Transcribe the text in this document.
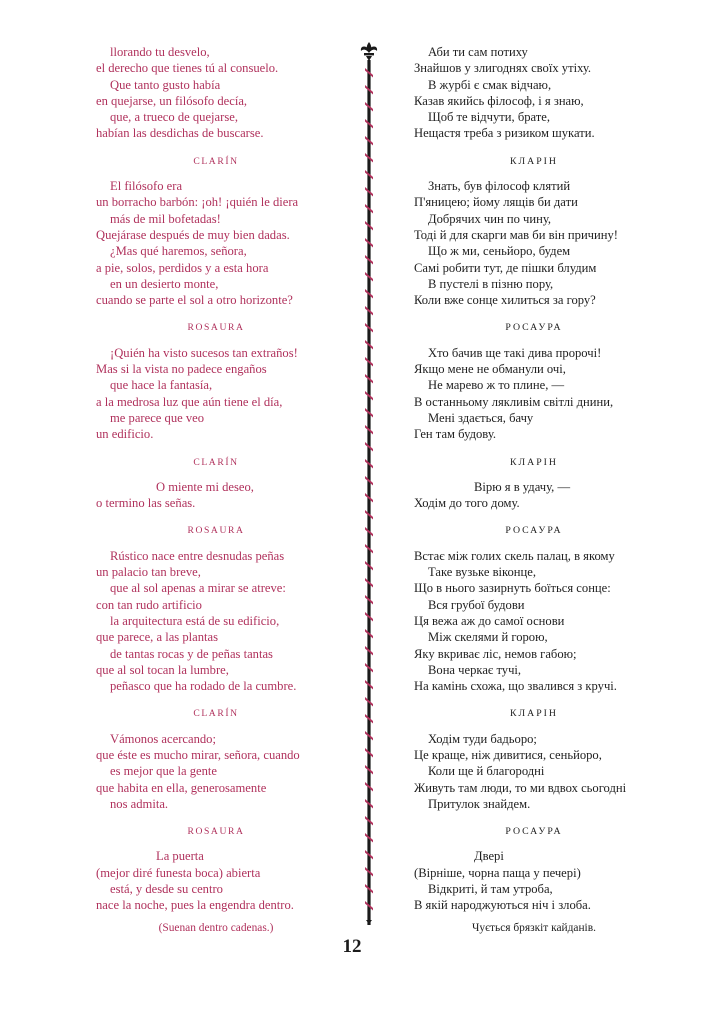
llorando tu desvelo,
el derecho que tienes tú al consuelo.
Que tanto gusto había
en quejarse, un filósofo decía,
que, a trueco de quejarse,
habían las desdichas de buscarse.
CLARÍN
El filósofo era
un borracho barbón: ¡oh! ¡quién le diera
más de mil bofetadas!
Quejárase después de muy bien dadas.
¿Mas qué haremos, señora,
a pie, solos, perdidos y a esta hora
en un desierto monte,
cuando se parte el sol a otro horizonte?
ROSAURA
¡Quién ha visto sucesos tan extraños!
Mas si la vista no padece engaños
que hace la fantasía,
a la medrosa luz que aún tiene el día,
me parece que veo
un edificio.
CLARÍN
O miente mi deseo,
o termino las señas.
ROSAURA
Rústico nace entre desnudas peñas
un palacio tan breve,
que al sol apenas a mirar se atreve:
con tan rudo artificio
la arquitectura está de su edificio,
que parece, a las plantas
de tantas rocas y de peñas tantas
que al sol tocan la lumbre,
peñasco que ha rodado de la cumbre.
CLARÍN
Vámonos acercando;
que éste es mucho mirar, señora, cuando
es mejor que la gente
que habita en ella, generosamente
nos admita.
ROSAURA
La puerta
(mejor diré funesta boca) abierta
está, y desde su centro
nace la noche, pues la engendra dentro.
(Suenan dentro cadenas.)
Аби ти сам потиху
Знайшов у злигоднях своїх утіху.
В журбі є смак відчаю,
Казав якийсь філософ, і я знаю,
Щоб те відчути, брате,
Нещастя треба з ризиком шукати.
КЛАРІН
Знать, був філософ клятий
П'яницею; йому лящів би дати
Добрячих чин по чину,
Тоді й для скарги мав би він причину!
Що ж ми, сеньйоро, будем
Самі робити тут, де пішки блудим
В пустелі в пізню пору,
Коли вже сонце хилиться за гору?
РОСАУРА
Хто бачив ще такі дива пророчі!
Якщо мене не обманули очі,
Не марево ж то плине, —
В останньому лякливім світлі днини,
Мені здається, бачу
Ген там будову.
КЛАРІН
Вірю я в удачу, —
Ходім до того дому.
РОСАУРА
Встає між голих скель палац, в якому
Таке вузьке віконце,
Що в нього зазирнуть боїться сонце:
Вся грубої будови
Ця вежа аж до самої основи
Між скелями й горою,
Яку вкриває ліс, немов габою;
Вона черкає тучі,
На камінь схожа, що звалився з кручі.
КЛАРІН
Ходім туди бадьоро;
Це краще, ніж дивитися, сеньйоро,
Коли ще й благородні
Живуть там люди, то ми вдвох сьогодні
Притулок знайдем.
РОСАУРА
Двері
(Вірніше, чорна паща у печері)
Відкриті, й там утроба,
В якій народжуються ніч і злоба.
Чується брязкіт кайданів.
12
